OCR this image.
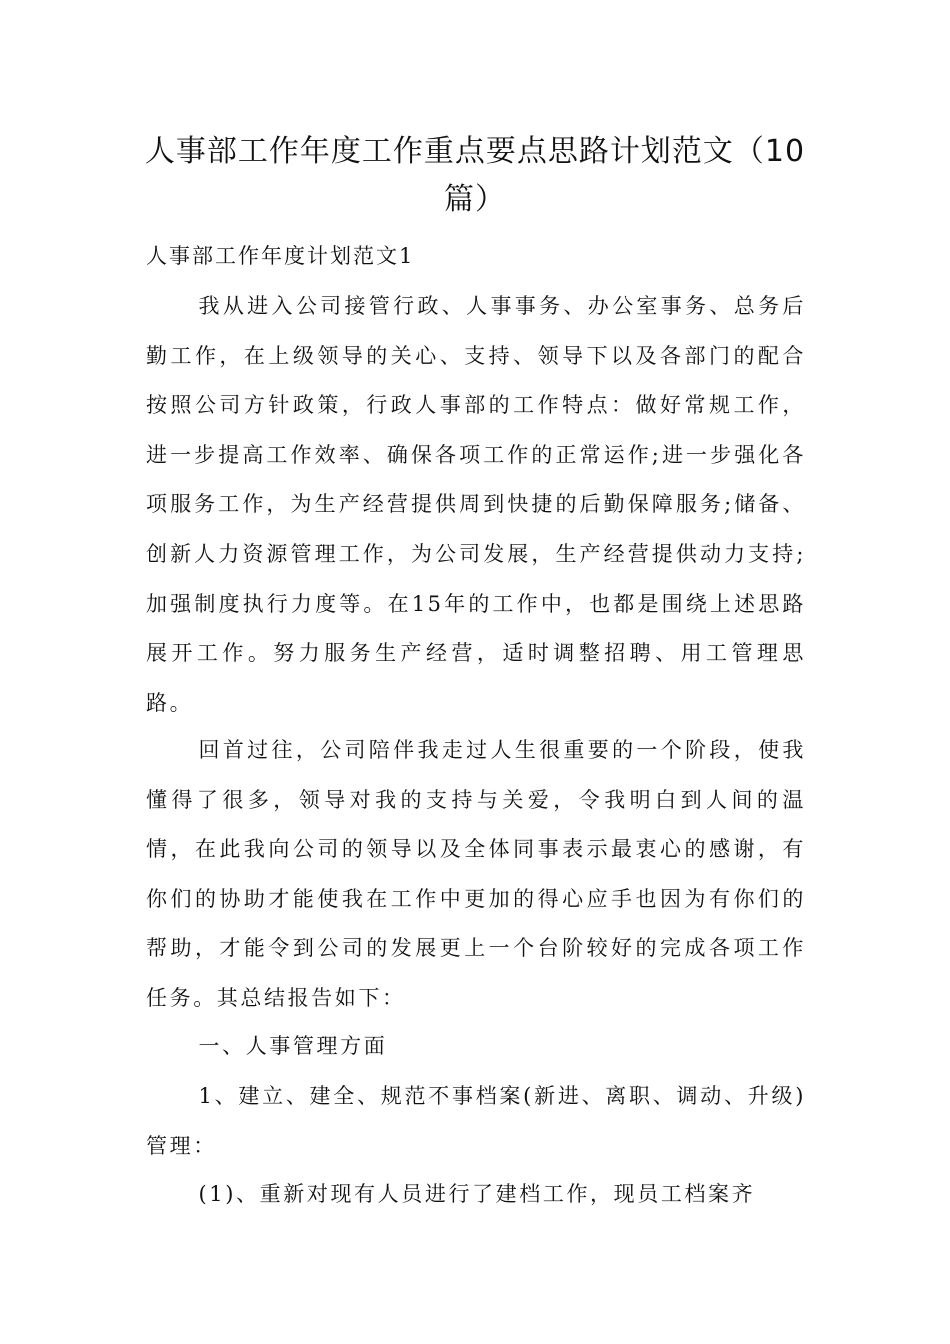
人事部工作年度工作重点要点思路计划范文（10篇）

人事部工作年度计划范文1

我从进入公司接管行政、人事事务、办公室事务、总务后勤工作，在上级领导的关心、支持、领导下以及各部门的配合按照公司方针政策，行政人事部的工作特点：做好常规工作，进一步提高工作效率、确保各项工作的正常运作;进一步强化各项服务工作，为生产经营提供周到快捷的后勤保障服务;储备、创新人力资源管理工作，为公司发展，生产经营提供动力支持;加强制度执行力度等。在15年的工作中，也都是围绕上述思路展开工作。努力服务生产经营，适时调整招聘、用工管理思路。

回首过往，公司陪伴我走过人生很重要的一个阶段，使我懂得了很多，领导对我的支持与关爱，令我明白到人间的温情，在此我向公司的领导以及全体同事表示最衷心的感谢，有你们的协助才能使我在工作中更加的得心应手也因为有你们的帮助，才能令到公司的发展更上一个台阶较好的完成各项工作任务。其总结报告如下：

一、人事管理方面

1、建立、建全、规范不事档案(新进、离职、调动、升级)管理：

(1)、重新对现有人员进行了建档工作，现员工档案齐
